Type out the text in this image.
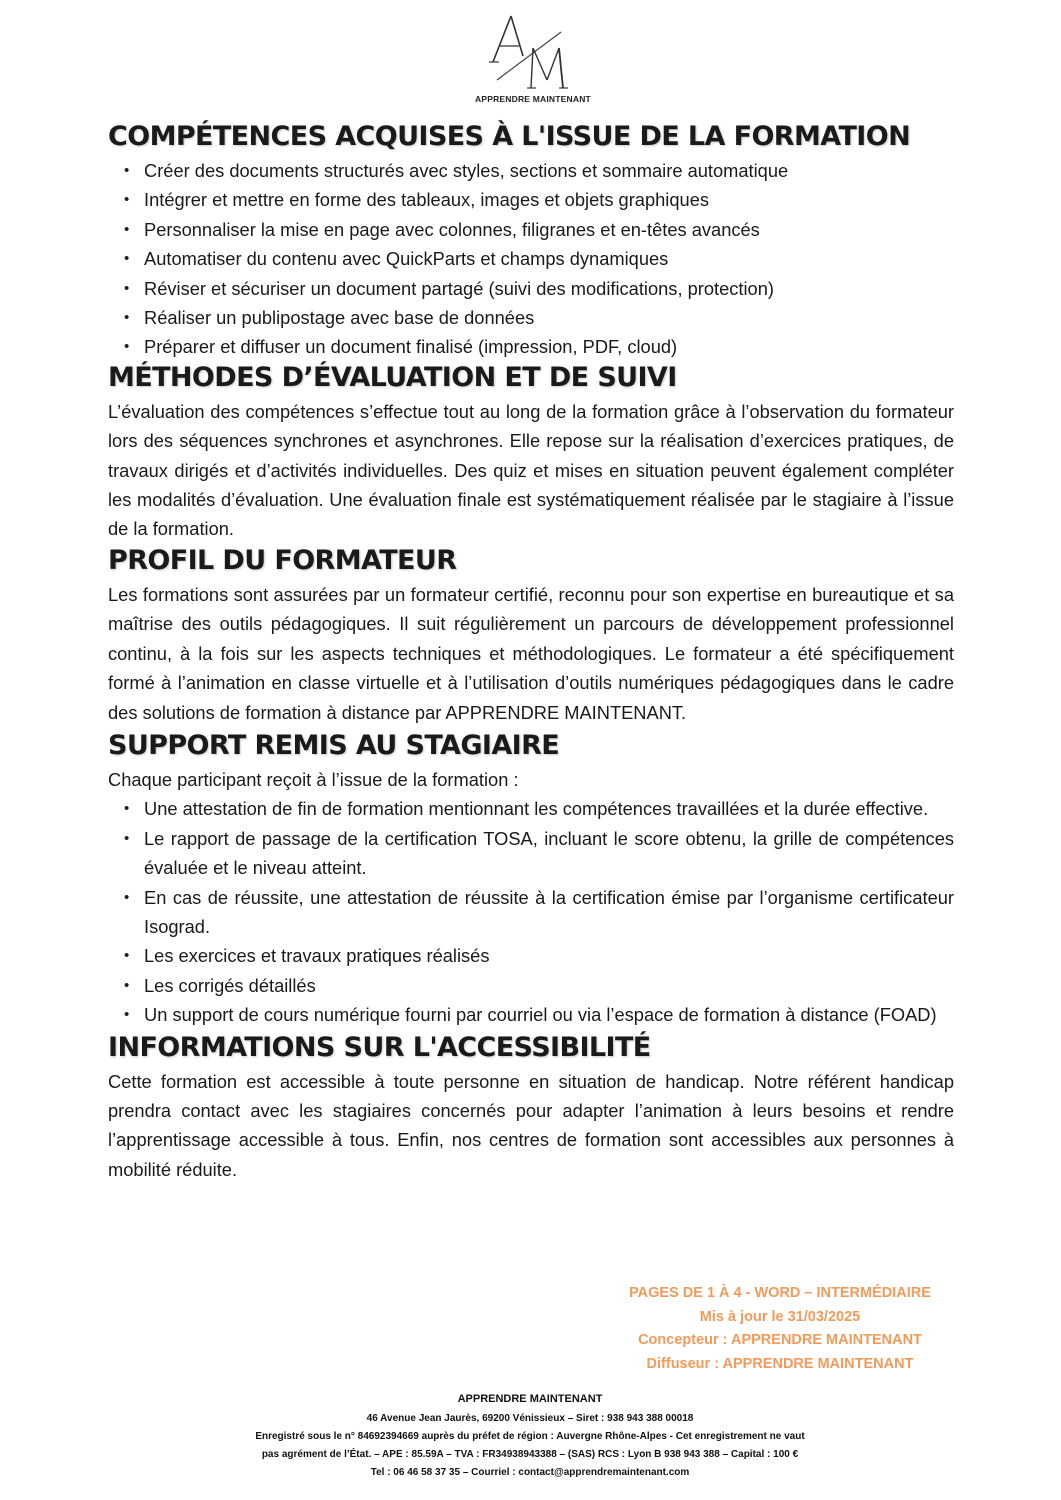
APPRENDRE MAINTENANT
COMPÉTENCES ACQUISES À L'ISSUE DE LA FORMATION
• Créer des documents structurés avec styles, sections et sommaire automatique
• Intégrer et mettre en forme des tableaux, images et objets graphiques
• Personnaliser la mise en page avec colonnes, filigranes et en-têtes avancés
• Automatiser du contenu avec QuickParts et champs dynamiques
• Réviser et sécuriser un document partagé (suivi des modifications, protection)
• Réaliser un publipostage avec base de données
• Préparer et diffuser un document finalisé (impression, PDF, cloud)
MÉTHODES D’ÉVALUATION ET DE SUIVI

L’évaluation des compétences s’effectue tout au long de la formation grâce à l’observation du formateur lors des séquences synchrones et asynchrones. Elle repose sur la réalisation d’exercices pratiques, de travaux dirigés et d’activités individuelles. Des quiz et mises en situation peuvent également compléter les modalités d’évaluation. Une évaluation finale est systématiquement réalisée par le stagiaire à l’issue de la formation.

PROFIL DU FORMATEUR

Les formations sont assurées par un formateur certifié, reconnu pour son expertise en bureautique et sa maîtrise des outils pédagogiques. Il suit régulièrement un parcours de développement professionnel continu, à la fois sur les aspects techniques et méthodologiques. Le formateur a été spécifiquement formé à l’animation en classe virtuelle et à l’utilisation d’outils numériques pédagogiques dans le cadre des solutions de formation à distance par APPRENDRE MAINTENANT.

SUPPORT REMIS AU STAGIAIRE

Chaque participant reçoit à l’issue de la formation :

• Une attestation de fin de formation mentionnant les compétences travaillées et la durée effective.
• Le rapport de passage de la certification TOSA, incluant le score obtenu, la grille de compétences évaluée et le niveau atteint.
• En cas de réussite, une attestation de réussite à la certification émise par l’organisme certificateur Isograd.
• Les exercices et travaux pratiques réalisés
• Les corrigés détaillés
• Un support de cours numérique fourni par courriel ou via l’espace de formation à distance (FOAD)
INFORMATIONS SUR L'ACCESSIBILITÉ

Cette formation est accessible à toute personne en situation de handicap. Notre référent handicap prendra contact avec les stagiaires concernés pour adapter l’animation à leurs besoins et rendre l’apprentissage accessible à tous. Enfin, nos centres de formation sont accessibles aux personnes à mobilité réduite.

PAGES DE 1 À 4 - WORD – INTERMÉDIAIRE
Mis à jour le 31/03/2025
Concepteur : APPRENDRE MAINTENANT
Diffuseur : APPRENDRE MAINTENANT
APPRENDRE MAINTENANT
46 Avenue Jean Jaurès, 69200 Vénissieux – Siret : 938 943 388 00018
Enregistré sous le n° 84692394669 auprès du préfet de région : Auvergne Rhône-Alpes - Cet enregistrement ne vaut
pas agrément de l’État. – APE : 85.59A – TVA : FR34938943388 – (SAS) RCS : Lyon B 938 943 388 – Capital : 100 €
Tel : 06 46 58 37 35 – Courriel : contact@apprendremaintenant.com
